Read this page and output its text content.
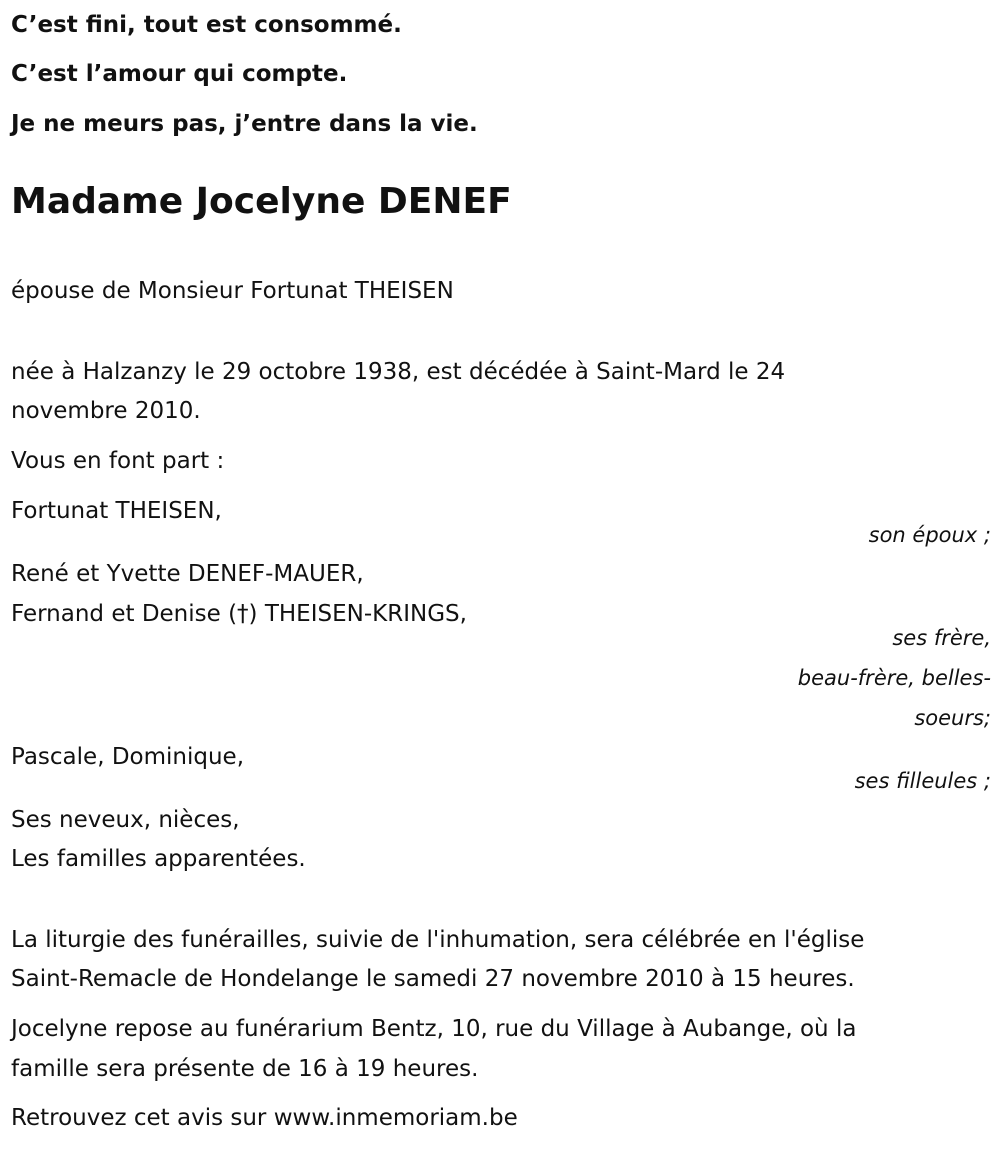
C’est fini, tout est consommé.
C’est l’amour qui compte.
Je ne meurs pas, j’entre dans la vie.
Madame Jocelyne DENEF
épouse de Monsieur Fortunat THEISEN
née à Halzanzy le 29 octobre 1938, est décédée à Saint-Mard le 24
novembre 2010.
Vous en font part :
Fortunat THEISEN,
son époux ;
René et Yvette DENEF-MAUER,
Fernand et Denise (†) THEISEN-KRINGS,
ses frère,
beau-frère, belles-
soeurs;
Pascale, Dominique,
ses filleules ;
Ses neveux, nièces,
Les familles apparentées.
La liturgie des funérailles, suivie de l'inhumation, sera célébrée en l'église
Saint-Remacle de Hondelange le samedi 27 novembre 2010 à 15 heures.
Jocelyne repose au funérarium Bentz, 10, rue du Village à Aubange, où la
famille sera présente de 16 à 19 heures.
Retrouvez cet avis sur www.inmemoriam.be
